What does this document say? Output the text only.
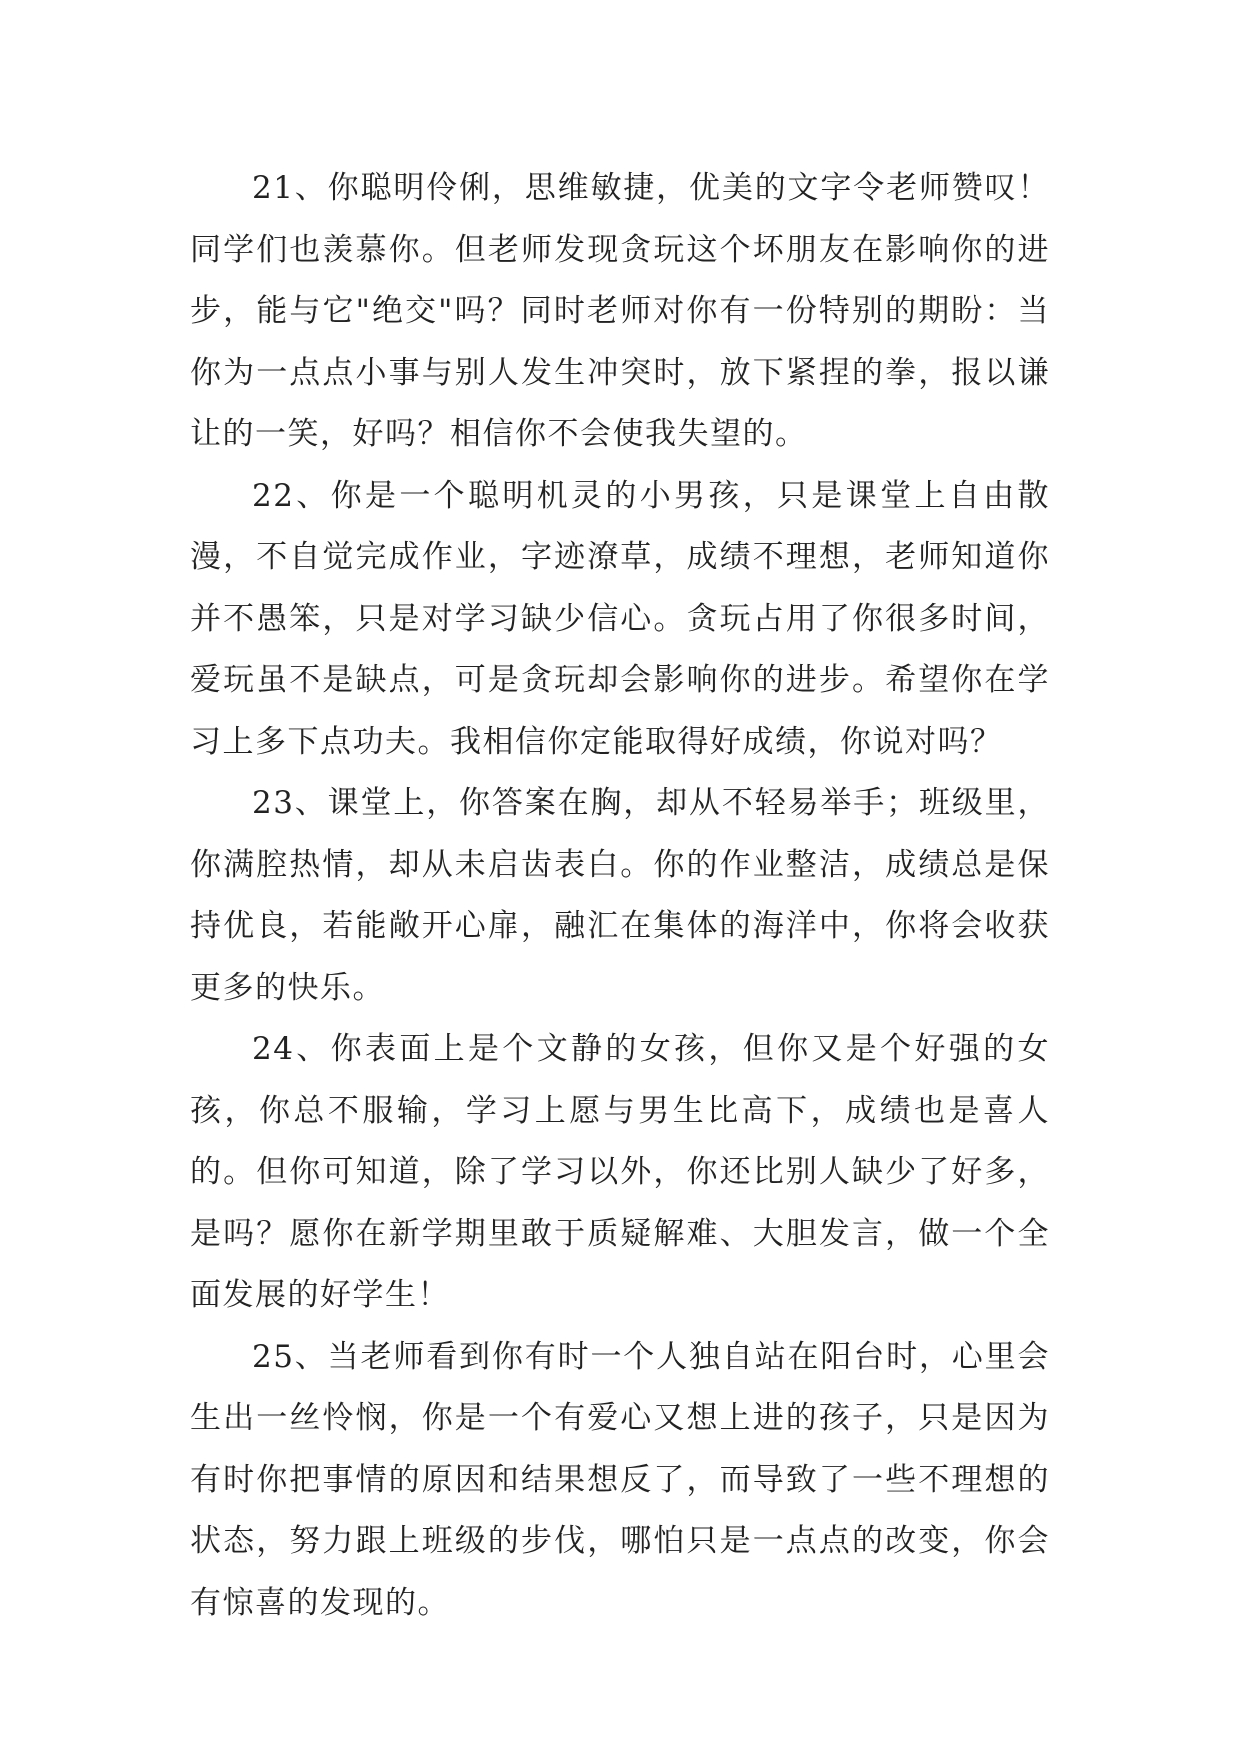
21、你聪明伶俐，思维敏捷，优美的文字令老师赞叹！同学们也羡慕你。但老师发现贪玩这个坏朋友在影响你的进步，能与它"绝交"吗？同时老师对你有一份特别的期盼：当你为一点点小事与别人发生冲突时，放下紧捏的拳，报以谦让的一笑，好吗？相信你不会使我失望的。

22、你是一个聪明机灵的小男孩，只是课堂上自由散漫，不自觉完成作业，字迹潦草，成绩不理想，老师知道你并不愚笨，只是对学习缺少信心。贪玩占用了你很多时间，爱玩虽不是缺点，可是贪玩却会影响你的进步。希望你在学习上多下点功夫。我相信你定能取得好成绩，你说对吗？

23、课堂上，你答案在胸，却从不轻易举手；班级里，你满腔热情，却从未启齿表白。你的作业整洁，成绩总是保持优良，若能敞开心扉，融汇在集体的海洋中，你将会收获更多的快乐。

24、你表面上是个文静的女孩，但你又是个好强的女孩，你总不服输，学习上愿与男生比高下，成绩也是喜人的。但你可知道，除了学习以外，你还比别人缺少了好多，是吗？愿你在新学期里敢于质疑解难、大胆发言，做一个全面发展的好学生！

25、当老师看到你有时一个人独自站在阳台时，心里会生出一丝怜悯，你是一个有爱心又想上进的孩子，只是因为有时你把事情的原因和结果想反了，而导致了一些不理想的状态，努力跟上班级的步伐，哪怕只是一点点的改变，你会有惊喜的发现的。
